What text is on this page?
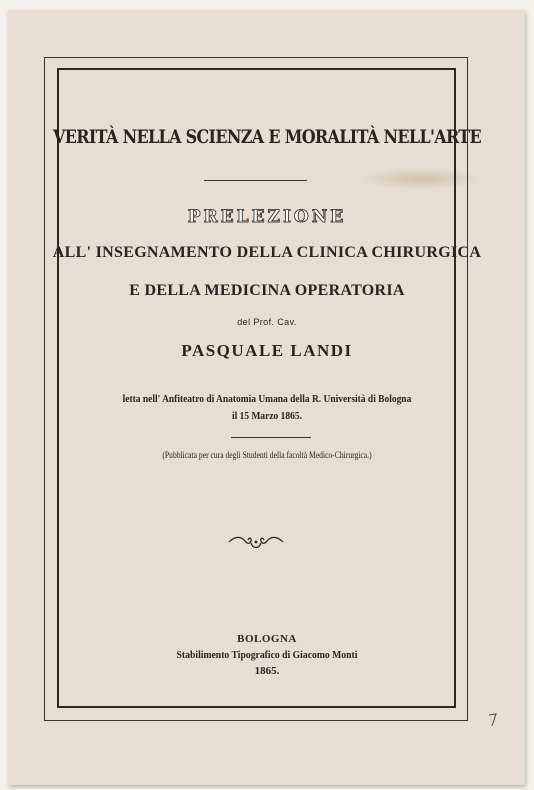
VERITÀ NELLA SCIENZA E MORALITÀ NELL'ARTE
PRELEZIONE
ALL' INSEGNAMENTO DELLA CLINICA CHIRURGICA
E DELLA MEDICINA OPERATORIA
del Prof. Cav.
PASQUALE LANDI
letta nell' Anfiteatro di Anatomia Umana della R. Università di Bologna
il 15 Marzo 1865.
(Pubblicata per cura degli Studenti della facoltà Medico-Chirurgica.)
BOLOGNA
Stabilimento Tipografico di Giacomo Monti
1865.
